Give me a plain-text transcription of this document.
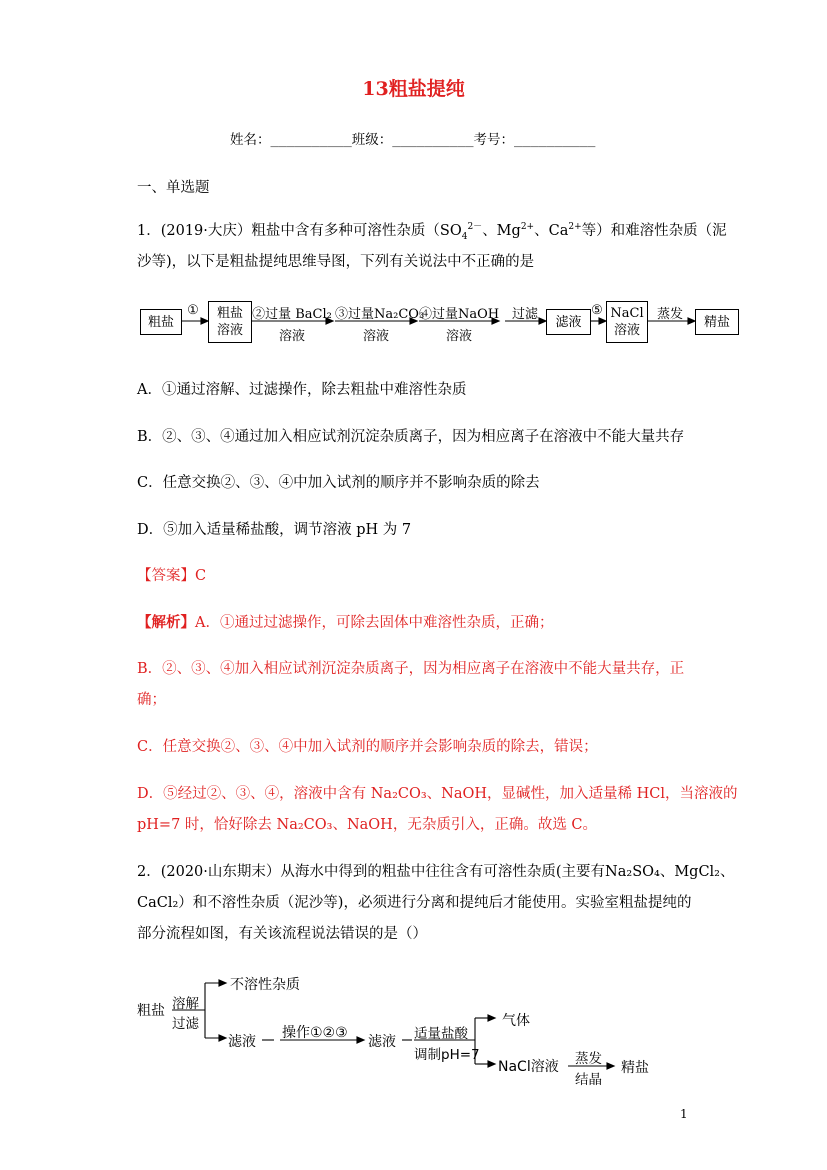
13粗盐提纯
姓名：__________班级：__________考号：__________
一、单选题
1．(2019·大庆）粗盐中含有多种可溶性杂质（$SO_4^{2-}$、$Mg^{2+}$、$Ca^{2+}$等）和难溶性杂质（泥
沙等)，以下是粗盐提纯思维导图，下列有关说法中不正确的是
粗盐
粗盐
溶液
滤液
NaCl
溶液
精盐
①	②过量 BaCl₂
溶液
③过量Na₂CO₃
溶液
④过量NaOH
溶液
过滤	⑤	蒸发
A．①通过溶解、过滤操作，除去粗盐中难溶性杂质
B．②、③、④通过加入相应试剂沉淀杂质离子，因为相应离子在溶液中不能大量共存
C．任意交换②、③、④中加入试剂的顺序并不影响杂质的除去
D．⑤加入适量稀盐酸，调节溶液 pH 为 7
【答案】C
【解析】A．①通过过滤操作，可除去固体中难溶性杂质，正确；
B．②、③、④加入相应试剂沉淀杂质离子，因为相应离子在溶液中不能大量共存，正
确；
C．任意交换②、③、④中加入试剂的顺序并会影响杂质的除去，错误；
D．⑤经过②、③、④，溶液中含有 Na₂CO₃、NaOH，显碱性，加入适量稀 HCl，当溶液的
pH=7 时，恰好除去 Na₂CO₃、NaOH，无杂质引入，正确。故选 C。
2．(2020·山东期末）从海水中得到的粗盐中往往含有可溶性杂质(主要有Na₂SO₄、MgCl₂、
CaCl₂）和不溶性杂质（泥沙等)，必须进行分离和提纯后才能使用。实验室粗盐提纯的
部分流程如图，有关该流程说法错误的是（）
粗盐 溶解
过滤
不溶性杂质
滤液
操作①②③
滤液 适量盐酸
调制pH=7
气体
NaCl溶液 蒸发
结晶
精盐
1
